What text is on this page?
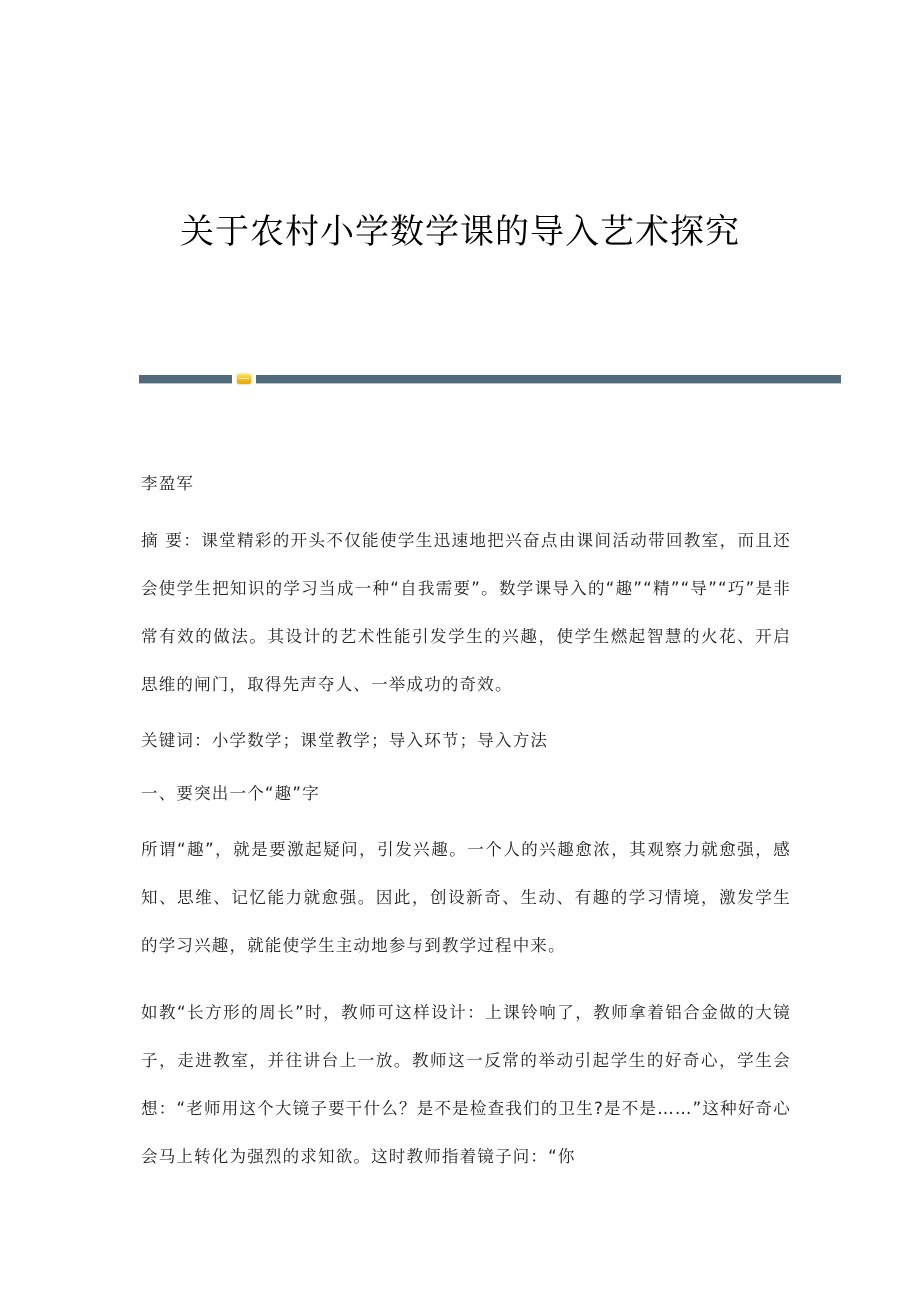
关于农村小学数学课的导入艺术探究
李盈军

摘 要：课堂精彩的开头不仅能使学生迅速地把兴奋点由课间活动带回教室，而且还会使学生把知识的学习当成一种“自我需要”。数学课导入的“趣”“精”“导”“巧”是非常有效的做法。其设计的艺术性能引发学生的兴趣，使学生燃起智慧的火花、开启思维的闸门，取得先声夺人、一举成功的奇效。

关键词：小学数学；课堂教学；导入环节；导入方法

一、要突出一个“趣”字

所谓“趣”，就是要激起疑问，引发兴趣。一个人的兴趣愈浓，其观察力就愈强，感知、思维、记忆能力就愈强。因此，创设新奇、生动、有趣的学习情境，激发学生的学习兴趣，就能使学生主动地参与到教学过程中来。

如教“长方形的周长”时，教师可这样设计：上课铃响了，教师拿着铝合金做的大镜子，走进教室，并往讲台上一放。教师这一反常的举动引起学生的好奇心，学生会想：“老师用这个大镜子要干什么？是不是检查我们的卫生?是不是……”这种好奇心会马上转化为强烈的求知欲。这时教师指着镜子问：“你
